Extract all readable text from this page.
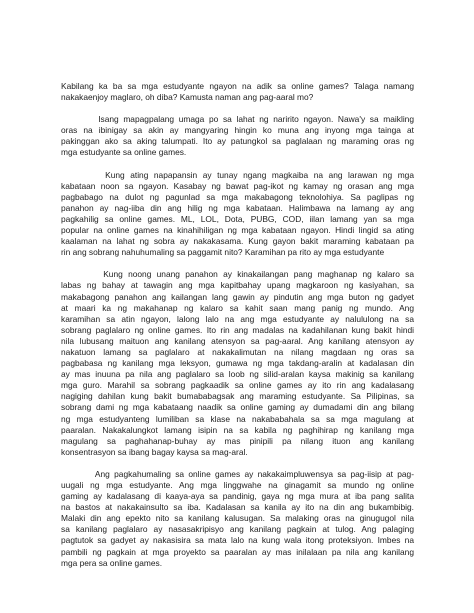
Kabilang ka ba sa mga estudyante ngayon na adik sa online games? Talaga namang
nakakaenjoy maglaro, oh diba? Kamusta naman ang pag-aaral mo?

Isang mapagpalang umaga po sa lahat ng naririto ngayon. Nawa'y sa maikling
oras na ibinigay sa akin ay mangyaring hingin ko muna ang inyong mga tainga at
pakinggan ako sa aking talumpati. Ito ay patungkol sa paglalaan ng maraming oras ng
mga estudyante sa online games.

Kung ating napapansin ay tunay ngang magkaiba na ang larawan ng mga
kabataan noon sa ngayon. Kasabay ng bawat pag-ikot ng kamay ng orasan ang mga
pagbabago na dulot ng pagunlad sa mga makabagong teknolohiya. Sa paglipas ng
panahon ay nag-iiba din ang hilig ng mga kabataan. Halimbawa na lamang ay ang
pagkahilig sa online games. ML, LOL, Dota, PUBG, COD, iilan lamang yan sa mga
popular na online games na kinahihiligan ng mga kabataan ngayon. Hindi lingid sa ating
kaalaman na lahat ng sobra ay nakakasama. Kung gayon bakit maraming kabataan pa
rin ang sobrang nahuhumaling sa paggamit nito? Karamihan pa rito ay mga estudyante

Kung noong unang panahon ay kinakailangan pang maghanap ng kalaro sa
labas ng bahay at tawagin ang mga kapitbahay upang magkaroon ng kasiyahan, sa
makabagong panahon ang kailangan lang gawin ay pindutin ang mga buton ng gadyet
at maari ka ng makahanap ng kalaro sa kahit saan mang panig ng mundo. Ang
karamihan sa atin ngayon, lalong lalo na ang mga estudyante ay nalululong na sa
sobrang paglalaro ng online games. Ito rin ang madalas na kadahilanan kung bakit hindi
nila lubusang maituon ang kanilang atensyon sa pag-aaral. Ang kanilang atensyon ay
nakatuon lamang sa paglalaro at nakakalimutan na nilang magdaan ng oras sa
pagbabasa ng kanilang mga leksyon, gumawa ng mga takdang-aralin at kadalasan din
ay mas inuuna pa nila ang paglalaro sa loob ng silid-aralan kaysa makinig sa kanilang
mga guro. Marahil sa sobrang pagkaadik sa online games ay ito rin ang kadalasang
nagiging dahilan kung bakit bumababagsak ang maraming estudyante. Sa Pilipinas, sa
sobrang dami ng mga kabataang naadik sa online gaming ay dumadami din ang bilang
ng mga estudyanteng lumiliban sa klase na nakababahala sa sa mga magulang at
paaralan. Nakakalungkot lamang isipin na sa kabila ng paghihirap ng kanilang mga
magulang sa paghahanap-buhay ay mas pinipili pa nilang ituon ang kanilang
konsentrasyon sa ibang bagay kaysa sa mag-aral.

Ang pagkahumaling sa online games ay nakakaimpluwensya sa pag-iisip at pag-
uugali ng mga estudyante. Ang mga linggwahe na ginagamit sa mundo ng online
gaming ay kadalasang di kaaya-aya sa pandinig, gaya ng mga mura at iba pang salita
na bastos at nakakainsulto sa iba. Kadalasan sa kanila ay ito na din ang bukambibig.
Malaki din ang epekto nito sa kanilang kalusugan. Sa malaking oras na ginugugol nila
sa kanilang paglalaro ay nasasakripisyo ang kanilang pagkain at tulog. Ang palaging
pagtutok sa gadyet ay nakasisira sa mata lalo na kung wala itong proteksiyon. Imbes na
pambili ng pagkain at mga proyekto sa paaralan ay mas inilalaan pa nila ang kanilang
mga pera sa online games.
